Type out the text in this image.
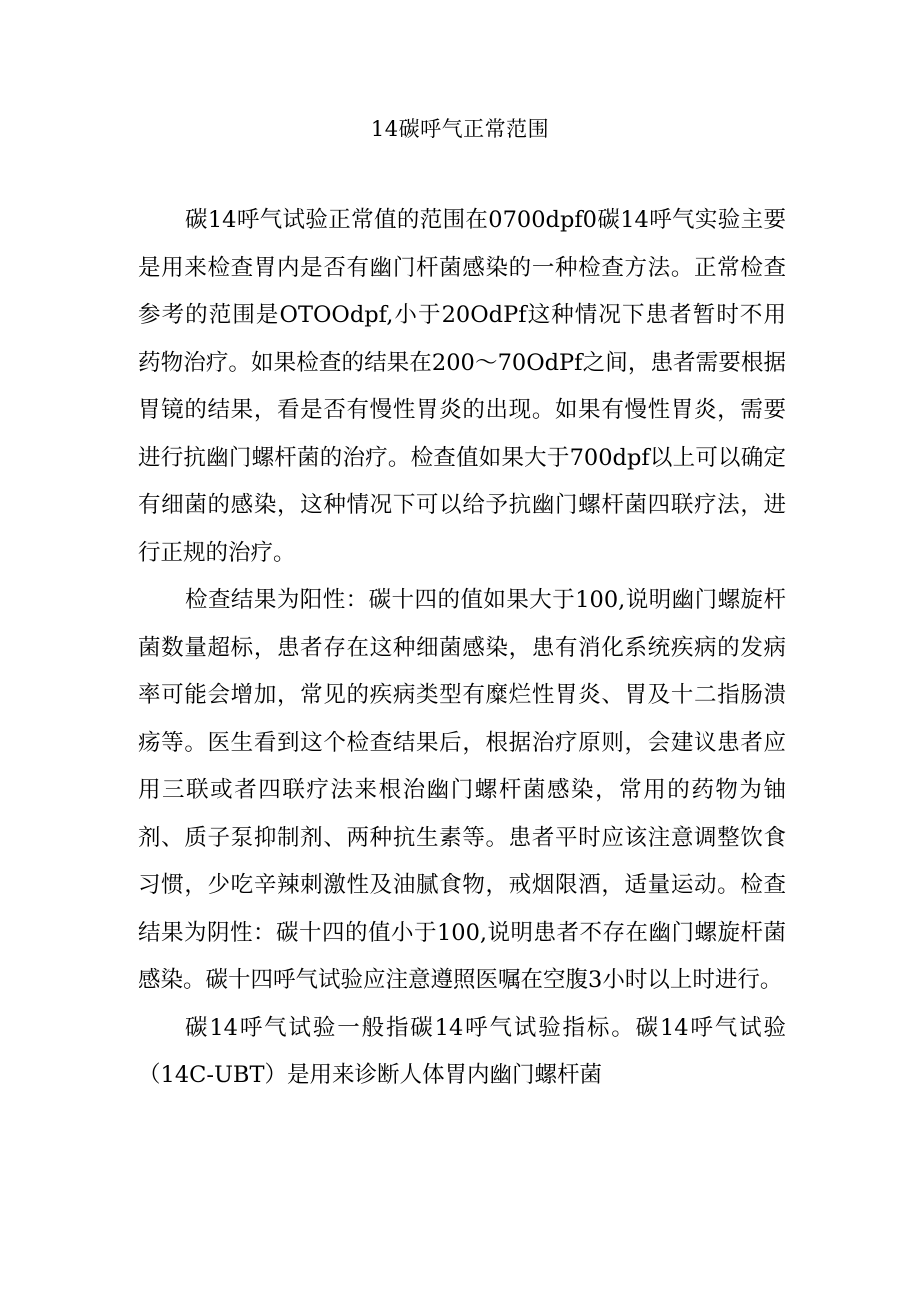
14碳呼气正常范围

碳14呼气试验正常值的范围在0700dpf0碳14呼气实验主要是用来检查胃内是否有幽门杆菌感染的一种检查方法。正常检查参考的范围是OTOOdpf,小于20OdPf这种情况下患者暂时不用药物治疗。如果检查的结果在200～70OdPf之间，患者需要根据胃镜的结果，看是否有慢性胃炎的出现。如果有慢性胃炎，需要进行抗幽门螺杆菌的治疗。检查值如果大于700dpf以上可以确定有细菌的感染，这种情况下可以给予抗幽门螺杆菌四联疗法，进行正规的治疗。

检查结果为阳性：碳十四的值如果大于100,说明幽门螺旋杆菌数量超标，患者存在这种细菌感染，患有消化系统疾病的发病率可能会增加，常见的疾病类型有糜烂性胃炎、胃及十二指肠溃疡等。医生看到这个检查结果后，根据治疗原则，会建议患者应用三联或者四联疗法来根治幽门螺杆菌感染，常用的药物为铀剂、质子泵抑制剂、两种抗生素等。患者平时应该注意调整饮食习惯，少吃辛辣刺激性及油腻食物，戒烟限酒，适量运动。检查结果为阴性：碳十四的值小于100,说明患者不存在幽门螺旋杆菌感染。碳十四呼气试验应注意遵照医嘱在空腹3小时以上时进行。

碳14呼气试验一般指碳14呼气试验指标。碳14呼气试验（14C-UBT）是用来诊断人体胃内幽门螺杆菌
